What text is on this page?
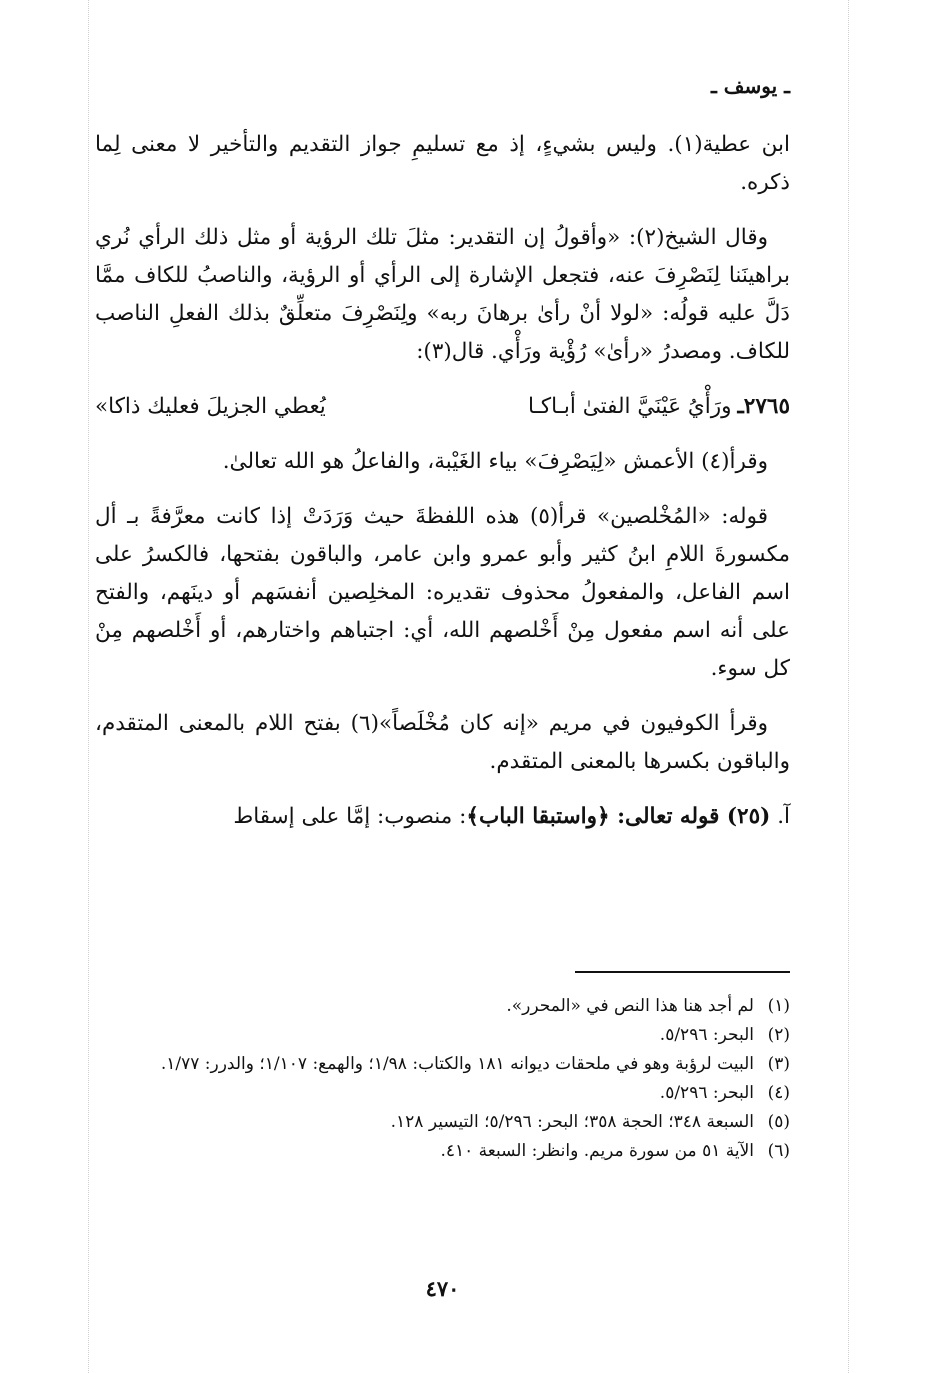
ـ يوسف ـ

ابن عطية(١). وليس بشيءٍ، إذ مع تسليمِ جواز التقديم والتأخير لا معنى لِما ذكره.

وقال الشيخ(٢): «وأقولُ إن التقدير: مثلَ تلك الرؤية أو مثل ذلك الرأي نُري براهينَنا لِنَصْرِفَ عنه، فتجعل الإشارة إلى الرأي أو الرؤية، والناصبُ للكاف ممَّا دَلَّ عليه قولُه: «لولا أنْ رأىٰ برهانَ ربه» ولِنَصْرِفَ متعلِّقٌ بذلك الفعلِ الناصب للكاف. ومصدرُ «رأىٰ» رُؤْية ورَأْي. قال(٣):

٢٧٦٥ـ
ورَأْيُ عَيْنَيَّ الفتىٰ أبـاكـا
يُعطي الجزيلَ فعليك ذاكا»

وقرأ(٤) الأعمش «لِيَصْرِفَ» بياء الغَيْبة، والفاعلُ هو الله تعالىٰ.

قوله: «المُخْلصين» قرأ(٥) هذه اللفظةَ حيث وَرَدَتْ إذا كانت معرَّفةً بـ أل مكسورةَ اللامِ ابنُ كثير وأبو عمرو وابن عامر، والباقون بفتحها، فالكسرُ على اسم الفاعل، والمفعولُ محذوف تقديره: المخلِصين أنفسَهم أو دينَهم، والفتح على أنه اسم مفعول مِنْ أَخْلصهم الله، أي: اجتباهم واختارهم، أو أَخْلصهم مِنْ كل سوء.

وقرأ الكوفيون في مريم «إنه كان مُخْلَصاً»(٦) بفتح اللام بالمعنى المتقدم، والباقون بكسرها بالمعنى المتقدم.

آ. (٢٥) قوله تعالى: ﴿واستبقا الباب﴾: منصوب: إمَّا على إسقاط

(١)
لم أجد هنا هذا النص في «المحرر».
(٢)
البحر: ٥/٢٩٦.
(٣)
البيت لرؤبة وهو في ملحقات ديوانه ١٨١ والكتاب: ١/٩٨؛ والهمع: ١/١٠٧؛ والدرر: ١/٧٧.
(٤)
البحر: ٥/٢٩٦.
(٥)
السبعة ٣٤٨؛ الحجة ٣٥٨؛ البحر: ٥/٢٩٦؛ التيسير ١٢٨.
(٦)
الآية ٥١ من سورة مريم. وانظر: السبعة ٤١٠.
٤٧٠
